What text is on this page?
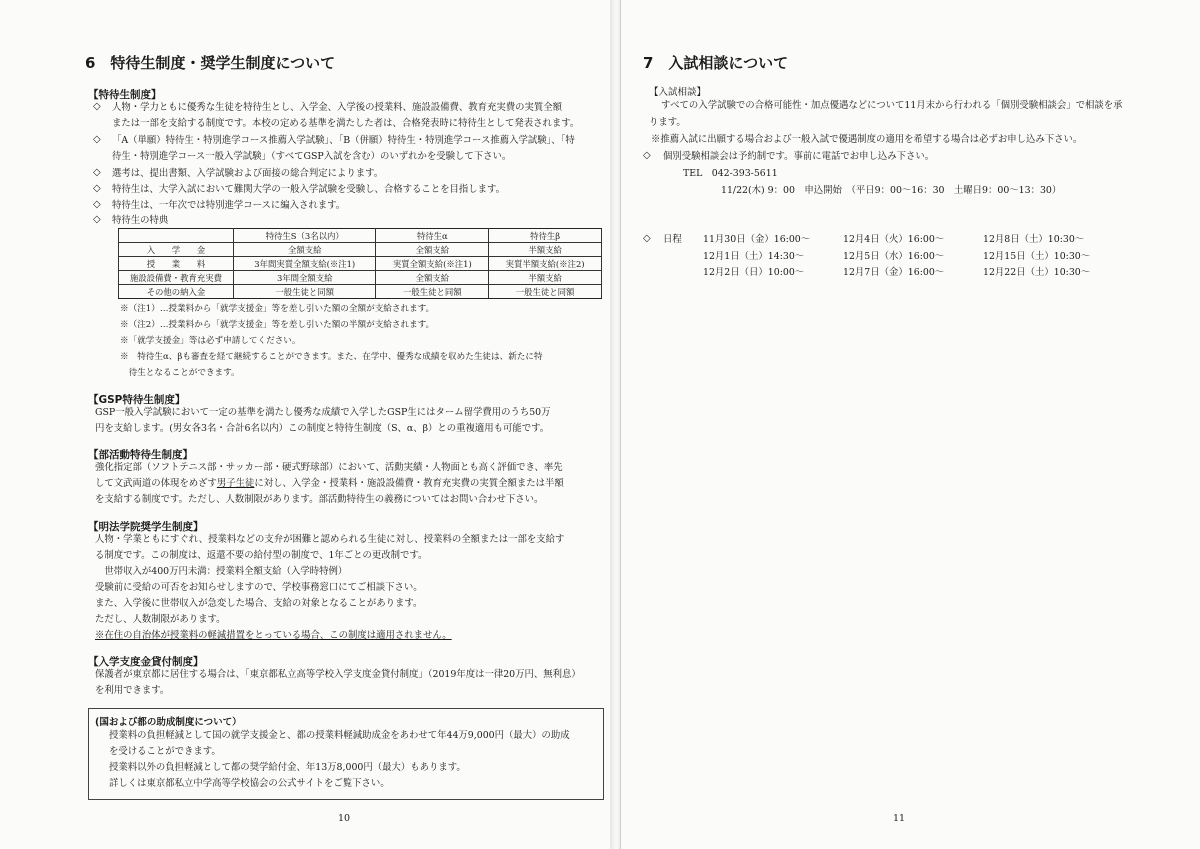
6　特待生制度・奨学生制度について
【特待生制度】
◇ 人物・学力ともに優秀な生徒を特待生とし、入学金、入学後の授業料、施設設備費、教育充実費の実質全額
または一部を支給する制度です。本校の定める基準を満たした者は、合格発表時に特待生として発表されます。
◇ 「A（単願）特待生・特別進学コース推薦入学試験」、「B（併願）特待生・特別進学コース推薦入学試験」、「特
待生・特別進学コース一般入学試験」（すべてGSP入試を含む）のいずれかを受験して下さい。
◇ 選考は、提出書類、入学試験および面接の総合判定によります。
◇ 特待生は、大学入試において難関大学の一般入学試験を受験し、合格することを目指します。
◇ 特待生は、一年次では特別進学コースに編入されます。
◇ 特待生の特典
	特待生S（3名以内）	特待生α	特待生β
入　　学　　金	全額支給	全額支給	半額支給
授　　業　　料	3年間実質全額支給(※注1)	実質全額支給(※注1)	実質半額支給(※注2)
施設設備費・教育充実費	3年間全額支給	全額支給	半額支給
その他の納入金	一般生徒と同額	一般生徒と同額	一般生徒と同額
※（注1）…授業料から「就学支援金」等を差し引いた額の全額が支給されます。
※（注2）…授業料から「就学支援金」等を差し引いた額の半額が支給されます。
※「就学支援金」等は必ず申請してください。
※　特待生α、βも審査を経て継続することができます。また、在学中、優秀な成績を収めた生徒は、新たに特
　待生となることができます。
【GSP特待生制度】
GSP一般入学試験において一定の基準を満たし優秀な成績で入学したGSP生にはターム留学費用のうち50万
円を支給します。(男女各3名・合計6名以内）この制度と特待生制度（S、α、β）との重複適用も可能です。
【部活動特待生制度】
強化指定部（ソフトテニス部・サッカー部・硬式野球部）において、活動実績・人物面とも高く評価でき、率先
して文武両道の体現をめざす男子生徒に対し、入学金・授業料・施設設備費・教育充実費の実質全額または半額
を支給する制度です。ただし、人数制限があります。部活動特待生の義務についてはお問い合わせ下さい。
【明法学院奨学生制度】
人物・学業ともにすぐれ、授業料などの支弁が困難と認められる生徒に対し、授業料の全額または一部を支給す
る制度です。この制度は、返還不要の給付型の制度で、1年ごとの更改制です。
　世帯収入が400万円未満：授業料全額支給（入学時特例）
受験前に受給の可否をお知らせしますので、学校事務窓口にてご相談下さい。
また、入学後に世帯収入が急変した場合、支給の対象となることがあります。
ただし、人数制限があります。
※在住の自治体が授業料の軽減措置をとっている場合、この制度は適用されません。
【入学支度金貸付制度】
保護者が東京都に居住する場合は、「東京都私立高等学校入学支度金貸付制度」（2019年度は一律20万円、無利息）
を利用できます。
(国および都の助成制度について）
授業料の負担軽減として国の就学支援金と、都の授業料軽減助成金をあわせて年44万9,000円（最大）の助成
を受けることができます。
授業料以外の負担軽減として都の奨学給付金、年13万8,000円（最大）もあります。
詳しくは東京都私立中学高等学校協会の公式サイトをご覧下さい。
10
7　入試相談について
【入試相談】
すべての入学試験での合格可能性・加点優遇などについて11月末から行われる「個別受験相談会」で相談を承
ります。
※推薦入試に出願する場合および一般入試で優遇制度の適用を希望する場合は必ずお申し込み下さい。
◇ 個別受験相談会は予約制です。事前に電話でお申し込み下さい。
TEL　042-393-5611
11/22(木) 9：00　申込開始　（平日9：00～16：30　土曜日9：00～13：30）
◇ 日程 11月30日（金）16:00～	12月4日（火）16:00～	12月8日（土）10:30～
12月1日（土）14:30～	12月5日（水）16:00～	12月15日（土）10:30～
12月2日（日）10:00～	12月7日（金）16:00～	12月22日（土）10:30～
11
